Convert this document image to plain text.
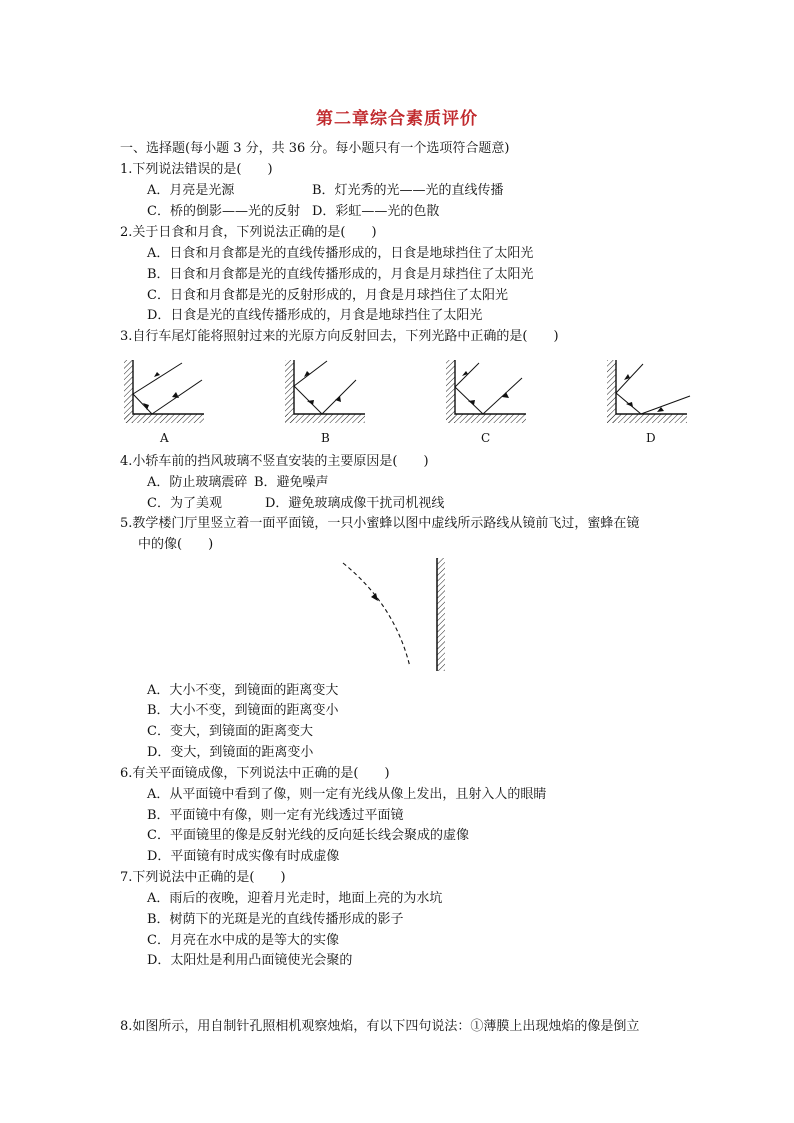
第二章综合素质评价
一、选择题(每小题 3 分，共 36 分。每小题只有一个选项符合题意)
1.下列说法错误的是(　　)
A．月亮是光源	B．灯光秀的光——光的直线传播
C．桥的倒影——光的反射 D．彩虹——光的色散
2.关于日食和月食，下列说法正确的是(　　)
A．日食和月食都是光的直线传播形成的，日食是地球挡住了太阳光
B．日食和月食都是光的直线传播形成的，月食是月球挡住了太阳光
C．日食和月食都是光的反射形成的，月食是月球挡住了太阳光
D．日食是光的直线传播形成的，月食是地球挡住了太阳光
3.自行车尾灯能将照射过来的光原方向反射回去，下列光路中正确的是(　　)
A	B	C	D
4.小轿车前的挡风玻璃不竖直安装的主要原因是(　　)
A．防止玻璃震碎 B．避免噪声
C．为了美观	D．避免玻璃成像干扰司机视线
5.教学楼门厅里竖立着一面平面镜，一只小蜜蜂以图中虚线所示路线从镜前飞过，蜜蜂在镜
中的像(　　)
A．大小不变，到镜面的距离变大
B．大小不变，到镜面的距离变小
C．变大，到镜面的距离变大
D．变大，到镜面的距离变小
6.有关平面镜成像，下列说法中正确的是(　　)
A．从平面镜中看到了像，则一定有光线从像上发出，且射入人的眼睛
B．平面镜中有像，则一定有光线透过平面镜
C．平面镜里的像是反射光线的反向延长线会聚成的虚像
D．平面镜有时成实像有时成虚像
7.下列说法中正确的是(　　)
A．雨后的夜晚，迎着月光走时，地面上亮的为水坑
B．树荫下的光斑是光的直线传播形成的影子
C．月亮在水中成的是等大的实像
D．太阳灶是利用凸面镜使光会聚的
8.如图所示，用自制针孔照相机观察烛焰，有以下四句说法：①薄膜上出现烛焰的像是倒立
